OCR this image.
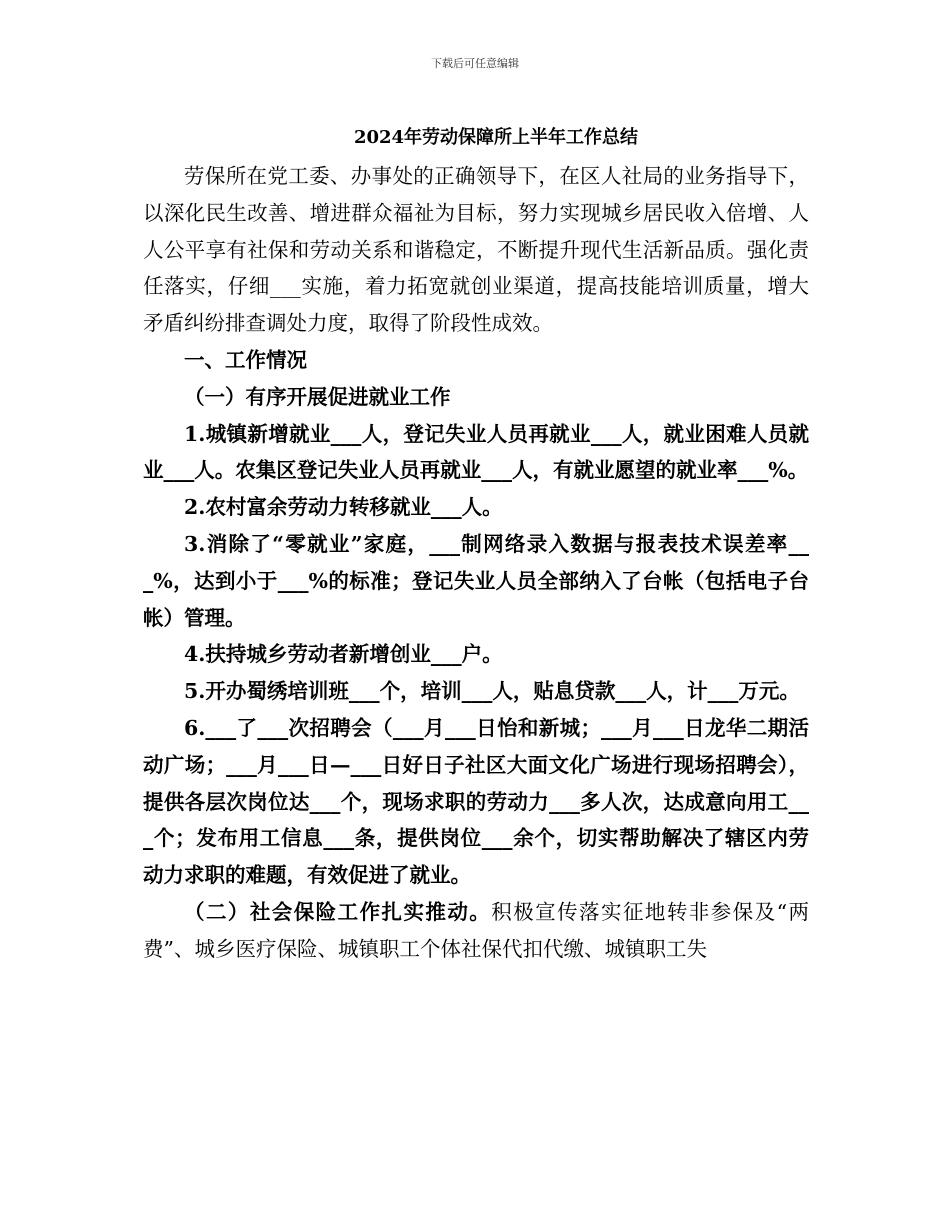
下载后可任意编辑
2024年劳动保障所上半年工作总结

劳保所在党工委、办事处的正确领导下，在区人社局的业务指导下，以深化民生改善、增进群众福祉为目标，努力实现城乡居民收入倍增、人人公平享有社保和劳动关系和谐稳定，不断提升现代生活新品质。强化责任落实，仔细___实施，着力拓宽就创业渠道，提高技能培训质量，增大矛盾纠纷排查调处力度，取得了阶段性成效。

一、工作情况

（一）有序开展促进就业工作

1.城镇新增就业___人，登记失业人员再就业___人，就业困难人员就业___人。农集区登记失业人员再就业___人，有就业愿望的就业率___%。

2.农村富余劳动力转移就业___人。

3.消除了“零就业”家庭，___制网络录入数据与报表技术误差率___%，达到小于___%的标准；登记失业人员全部纳入了台帐（包括电子台帐）管理。

4.扶持城乡劳动者新增创业___户。

5.开办蜀绣培训班___个，培训___人，贴息贷款___人，计___万元。

6.___了___次招聘会（___月___日怡和新城；___月___日龙华二期活动广场；___月___日—___日好日子社区大面文化广场进行现场招聘会），提供各层次岗位达___个，现场求职的劳动力___多人次，达成意向用工___个；发布用工信息___条，提供岗位___余个，切实帮助解决了辖区内劳动力求职的难题，有效促进了就业。

（二）社会保险工作扎实推动。积极宣传落实征地转非参保及“两费”、城乡医疗保险、城镇职工个体社保代扣代缴、城镇职工失
